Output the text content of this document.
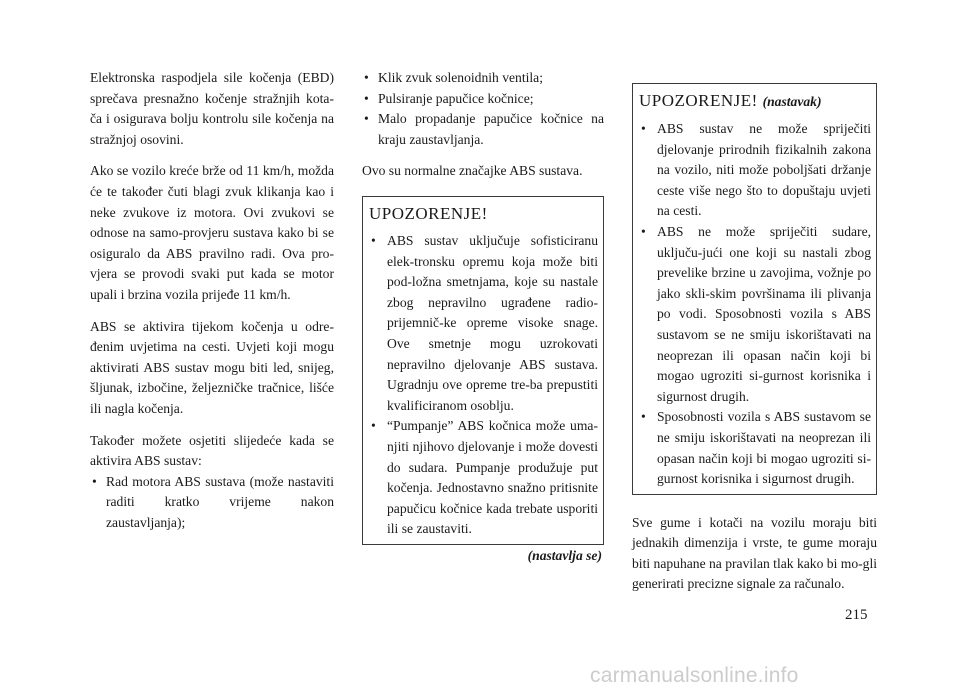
Elektronska raspodjela sile kočenja (EBD) sprečava presnažno kočenje stražnjih kota-ča i osigurava bolju kontrolu sile kočenja na stražnjoj osovini.

Ako se vozilo kreće brže od 11 km/h, možda će te također čuti blagi zvuk klikanja kao i neke zvukove iz motora. Ovi zvukovi se odnose na samo-provjeru sustava kako bi se osiguralo da ABS pravilno radi. Ova pro-vjera se provodi svaki put kada se motor upali i brzina vozila prijeđe 11 km/h.

ABS se aktivira tijekom kočenja u odre-đenim uvjetima na cesti. Uvjeti koji mogu aktivirati ABS sustav mogu biti led, snijeg, šljunak, izbočine, željezničke tračnice, lišće ili nagla kočenja.

Također možete osjetiti slijedeće kada se aktivira ABS sustav:

• Rad motora ABS sustava (može nastaviti raditi kratko vrijeme nakon zaustavljanja);
• Klik zvuk solenoidnih ventila;
• Pulsiranje papučice kočnice;
• Malo propadanje papučice kočnice na kraju zaustavljanja.

Ovo su normalne značajke ABS sustava.

UPOZORENJE!
• ABS sustav uključuje sofisticiranu elek-tronsku opremu koja može biti pod-ložna smetnjama, koje su nastale zbog nepravilno ugrađene radio-prijemnič-ke opreme visoke snage. Ove smetnje mogu uzrokovati nepravilno djelovanje ABS sustava. Ugradnju ove opreme tre-ba prepustiti kvalificiranom osoblju.
• “Pumpanje” ABS kočnica može uma-njiti njihovo djelovanje i može dovesti do sudara. Pumpanje produžuje put kočenja. Jednostavno snažno pritisnite papučicu kočnice kada trebate usporiti ili se zaustaviti.
(nastavlja se)
UPOZORENJE! (nastavak)
• ABS sustav ne može spriječiti djelovanje prirodnih fizikalnih zakona na vozilo, niti može poboljšati držanje ceste više nego što to dopuštaju uvjeti na cesti.
• ABS ne može spriječiti sudare, uključu-jući one koji su nastali zbog prevelike brzine u zavojima, vožnje po jako skli-skim površinama ili plivanja po vodi. Sposobnosti vozila s ABS sustavom se ne smiju iskorištavati na neoprezan ili opasan način koji bi mogao ugroziti si-gurnost korisnika i sigurnost drugih.
• Sposobnosti vozila s ABS sustavom se ne smiju iskorištavati na neoprezan ili opasan način koji bi mogao ugroziti si-gurnost korisnika i sigurnost drugih.

Sve gume i kotači na vozilu moraju biti jednakih dimenzija i vrste, te gume moraju biti napuhane na pravilan tlak kako bi mo-gli generirati precizne signale za računalo.

215
carmanualsonline.info
